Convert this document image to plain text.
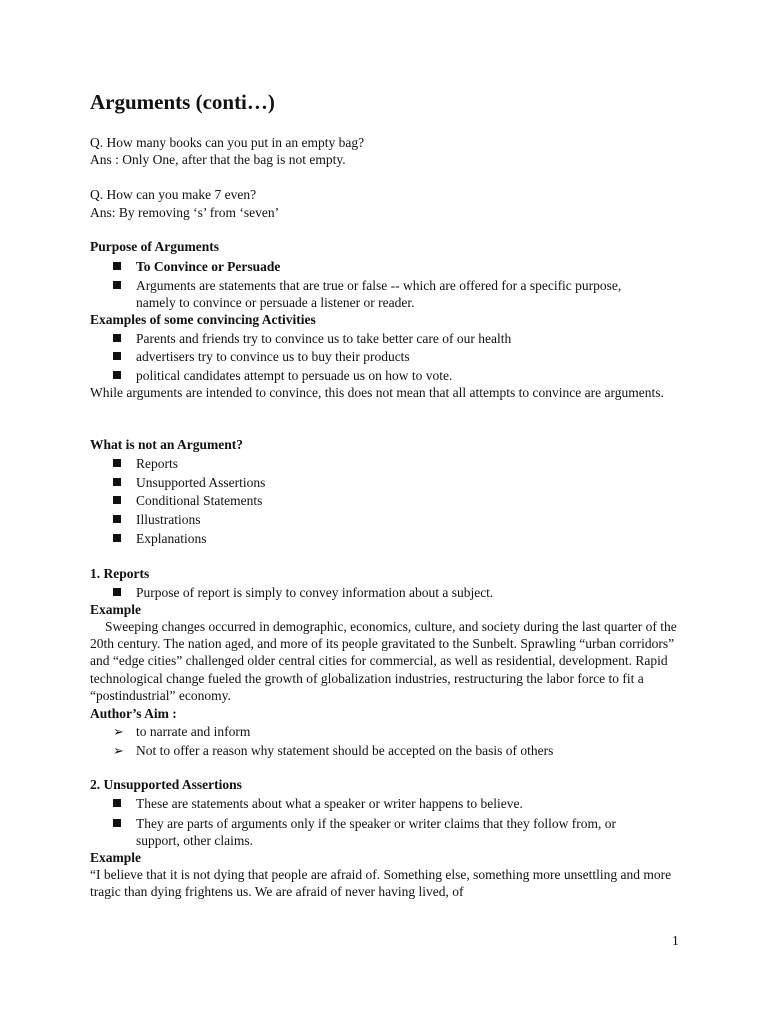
Arguments (conti…)
Q. How many books can you put in an empty bag?
Ans : Only One, after that the bag is not empty.
Q. How can you make 7 even?
Ans: By removing ‘s’ from ‘seven’
Purpose of Arguments
To Convince or Persuade
Arguments are statements that are true or false -- which are offered for a specific purpose,
namely to convince or persuade a listener or reader.
Examples of some convincing Activities
Parents and friends try to convince us to take better care of our health
advertisers try to convince us to buy their products
political candidates attempt to persuade us on how to vote.
While arguments are intended to convince, this does not mean that all attempts to convince are arguments.
What is not an Argument?
Reports
Unsupported Assertions
Conditional Statements
Illustrations
Explanations
1. Reports
Purpose of report is simply to convey information about a subject.
Example
Sweeping changes occurred in demographic, economics, culture, and society during the last quarter of the 20th century. The nation aged, and more of its people gravitated to the Sunbelt. Sprawling “urban corridors” and “edge cities” challenged older central cities for commercial, as well as residential, development. Rapid technological change fueled the growth of globalization industries, restructuring the labor force to fit a “postindustrial” economy.
Author’s Aim :
➢ to narrate and inform
➢ Not to offer a reason why statement should be accepted on the basis of others
2. Unsupported Assertions
These are statements about what a speaker or writer happens to believe.
They are parts of arguments only if the speaker or writer claims that they follow from, or
support, other claims.
Example
“I believe that it is not dying that people are afraid of. Something else, something more unsettling and more tragic than dying frightens us. We are afraid of never having lived, of
1
